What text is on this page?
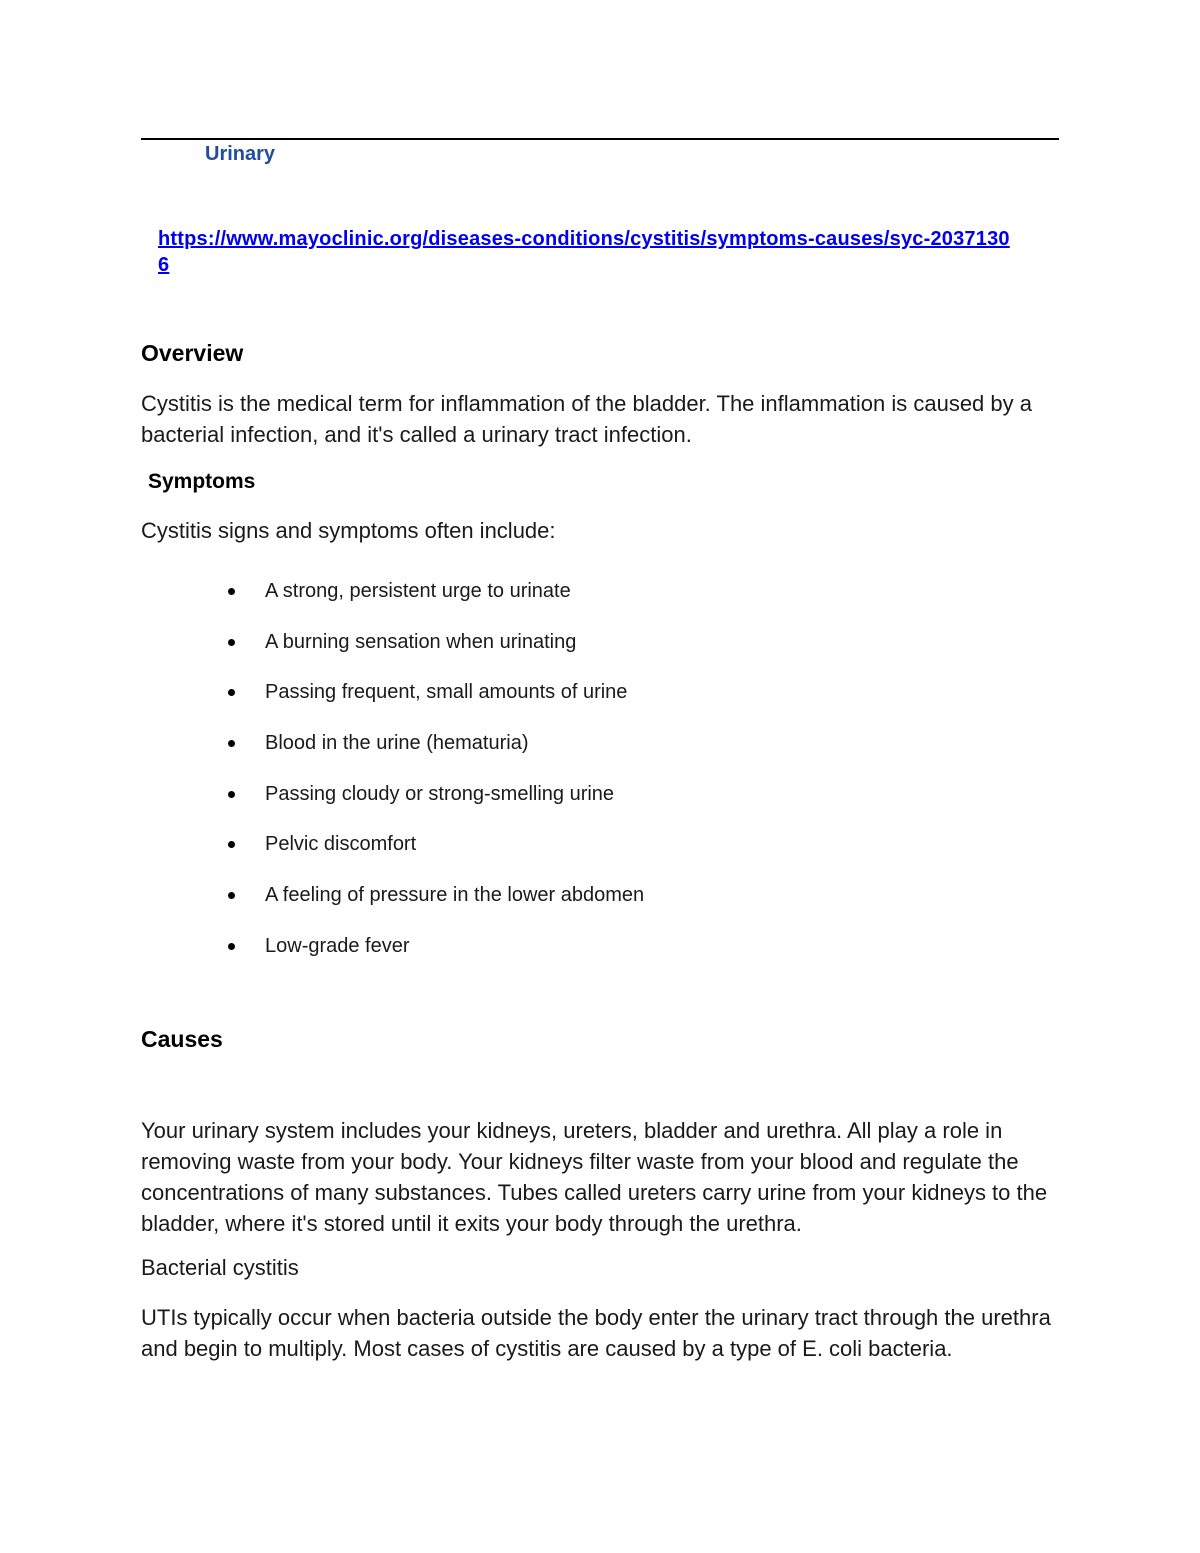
Urinary
https://www.mayoclinic.org/diseases-conditions/cystitis/symptoms-causes/syc-20371306
Overview
Cystitis is the medical term for inflammation of the bladder. The inflammation is caused by a bacterial infection, and it's called a urinary tract infection.
Symptoms
Cystitis signs and symptoms often include:
A strong, persistent urge to urinate
A burning sensation when urinating
Passing frequent, small amounts of urine
Blood in the urine (hematuria)
Passing cloudy or strong-smelling urine
Pelvic discomfort
A feeling of pressure in the lower abdomen
Low-grade fever
Causes
Your urinary system includes your kidneys, ureters, bladder and urethra. All play a role in removing waste from your body. Your kidneys filter waste from your blood and regulate the concentrations of many substances. Tubes called ureters carry urine from your kidneys to the bladder, where it's stored until it exits your body through the urethra.
Bacterial cystitis
UTIs typically occur when bacteria outside the body enter the urinary tract through the urethra and begin to multiply. Most cases of cystitis are caused by a type of E. coli bacteria.
